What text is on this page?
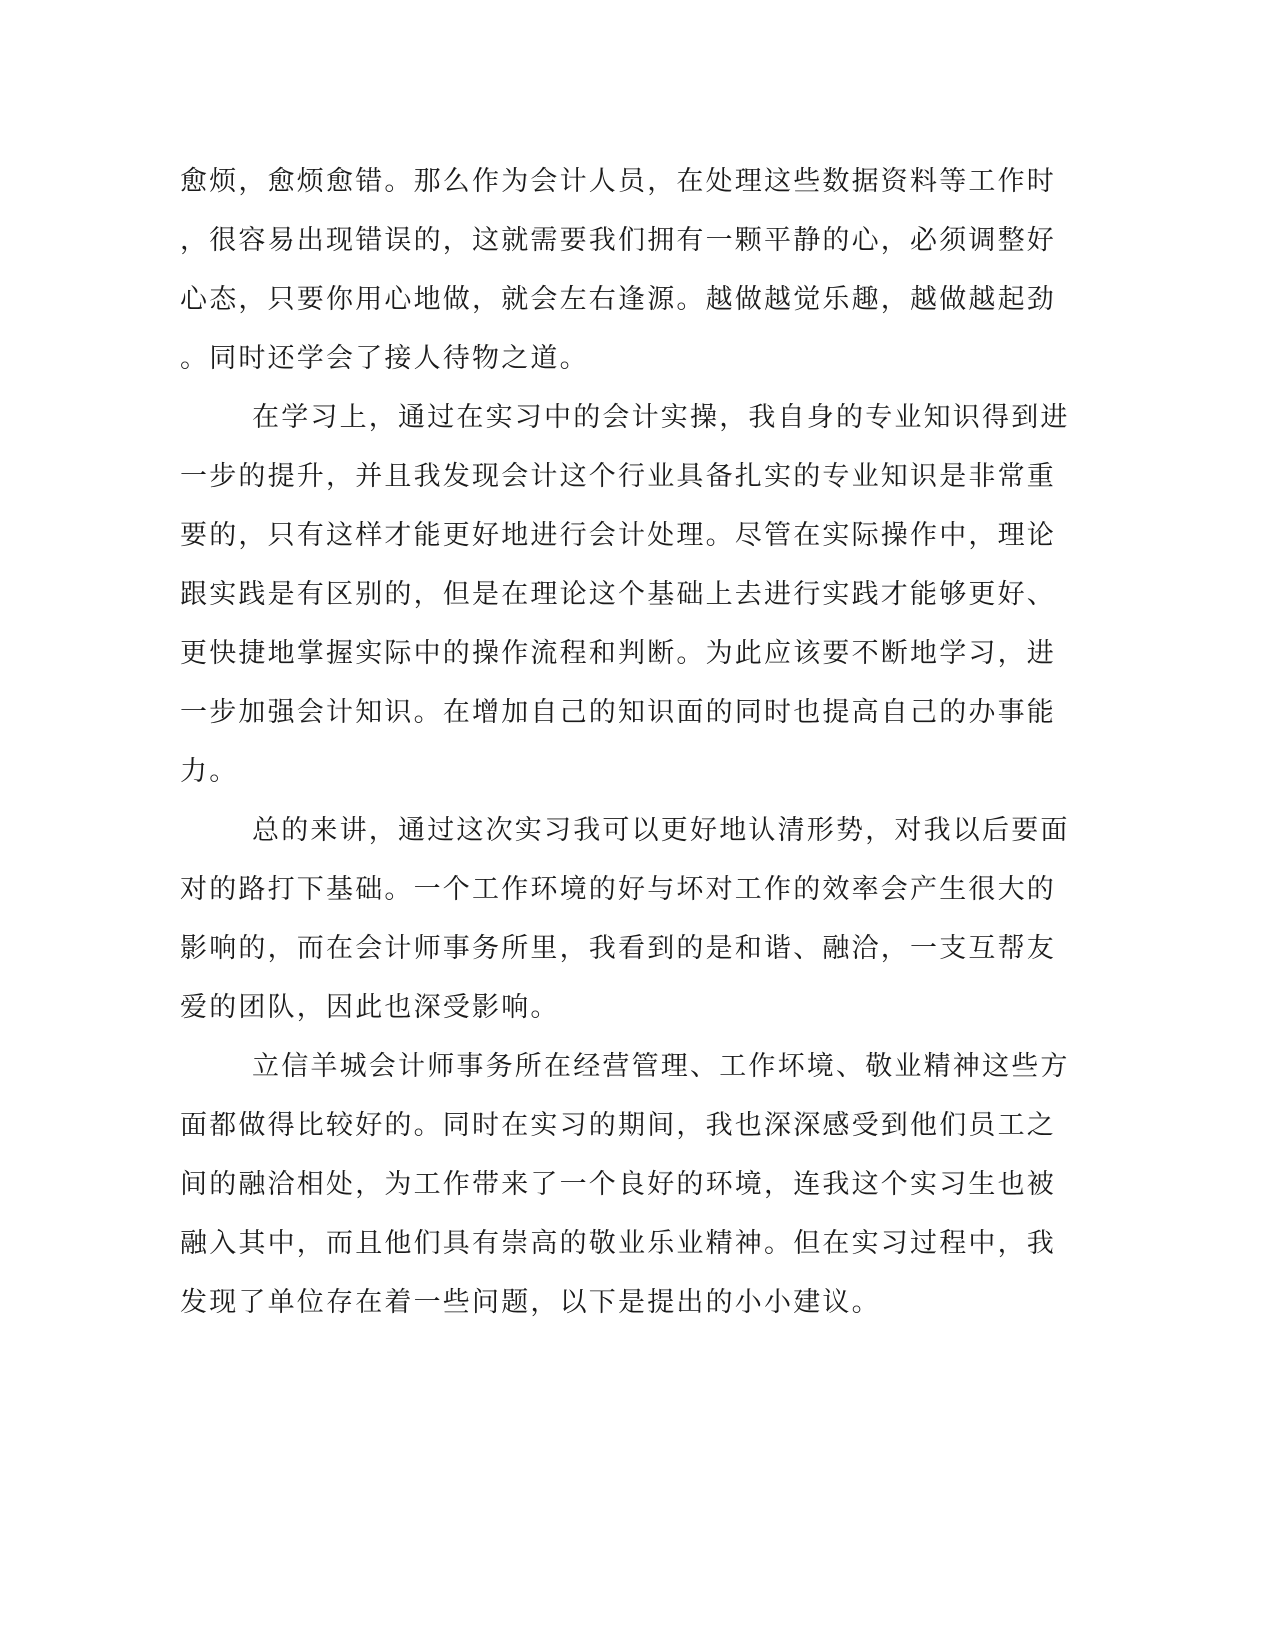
愈烦，愈烦愈错。那么作为会计人员，在处理这些数据资料等工作时
，很容易出现错误的，这就需要我们拥有一颗平静的心，必须调整好
心态，只要你用心地做，就会左右逢源。越做越觉乐趣，越做越起劲
。同时还学会了接人待物之道。
在学习上，通过在实习中的会计实操，我自身的专业知识得到进
一步的提升，并且我发现会计这个行业具备扎实的专业知识是非常重
要的，只有这样才能更好地进行会计处理。尽管在实际操作中，理论
跟实践是有区别的，但是在理论这个基础上去进行实践才能够更好、
更快捷地掌握实际中的操作流程和判断。为此应该要不断地学习，进
一步加强会计知识。在增加自己的知识面的同时也提高自己的办事能
力。
总的来讲，通过这次实习我可以更好地认清形势，对我以后要面
对的路打下基础。一个工作环境的好与坏对工作的效率会产生很大的
影响的，而在会计师事务所里，我看到的是和谐、融洽，一支互帮友
爱的团队，因此也深受影响。
立信羊城会计师事务所在经营管理、工作坏境、敬业精神这些方
面都做得比较好的。同时在实习的期间，我也深深感受到他们员工之
间的融洽相处，为工作带来了一个良好的环境，连我这个实习生也被
融入其中，而且他们具有崇高的敬业乐业精神。但在实习过程中，我
发现了单位存在着一些问题，以下是提出的小小建议。
